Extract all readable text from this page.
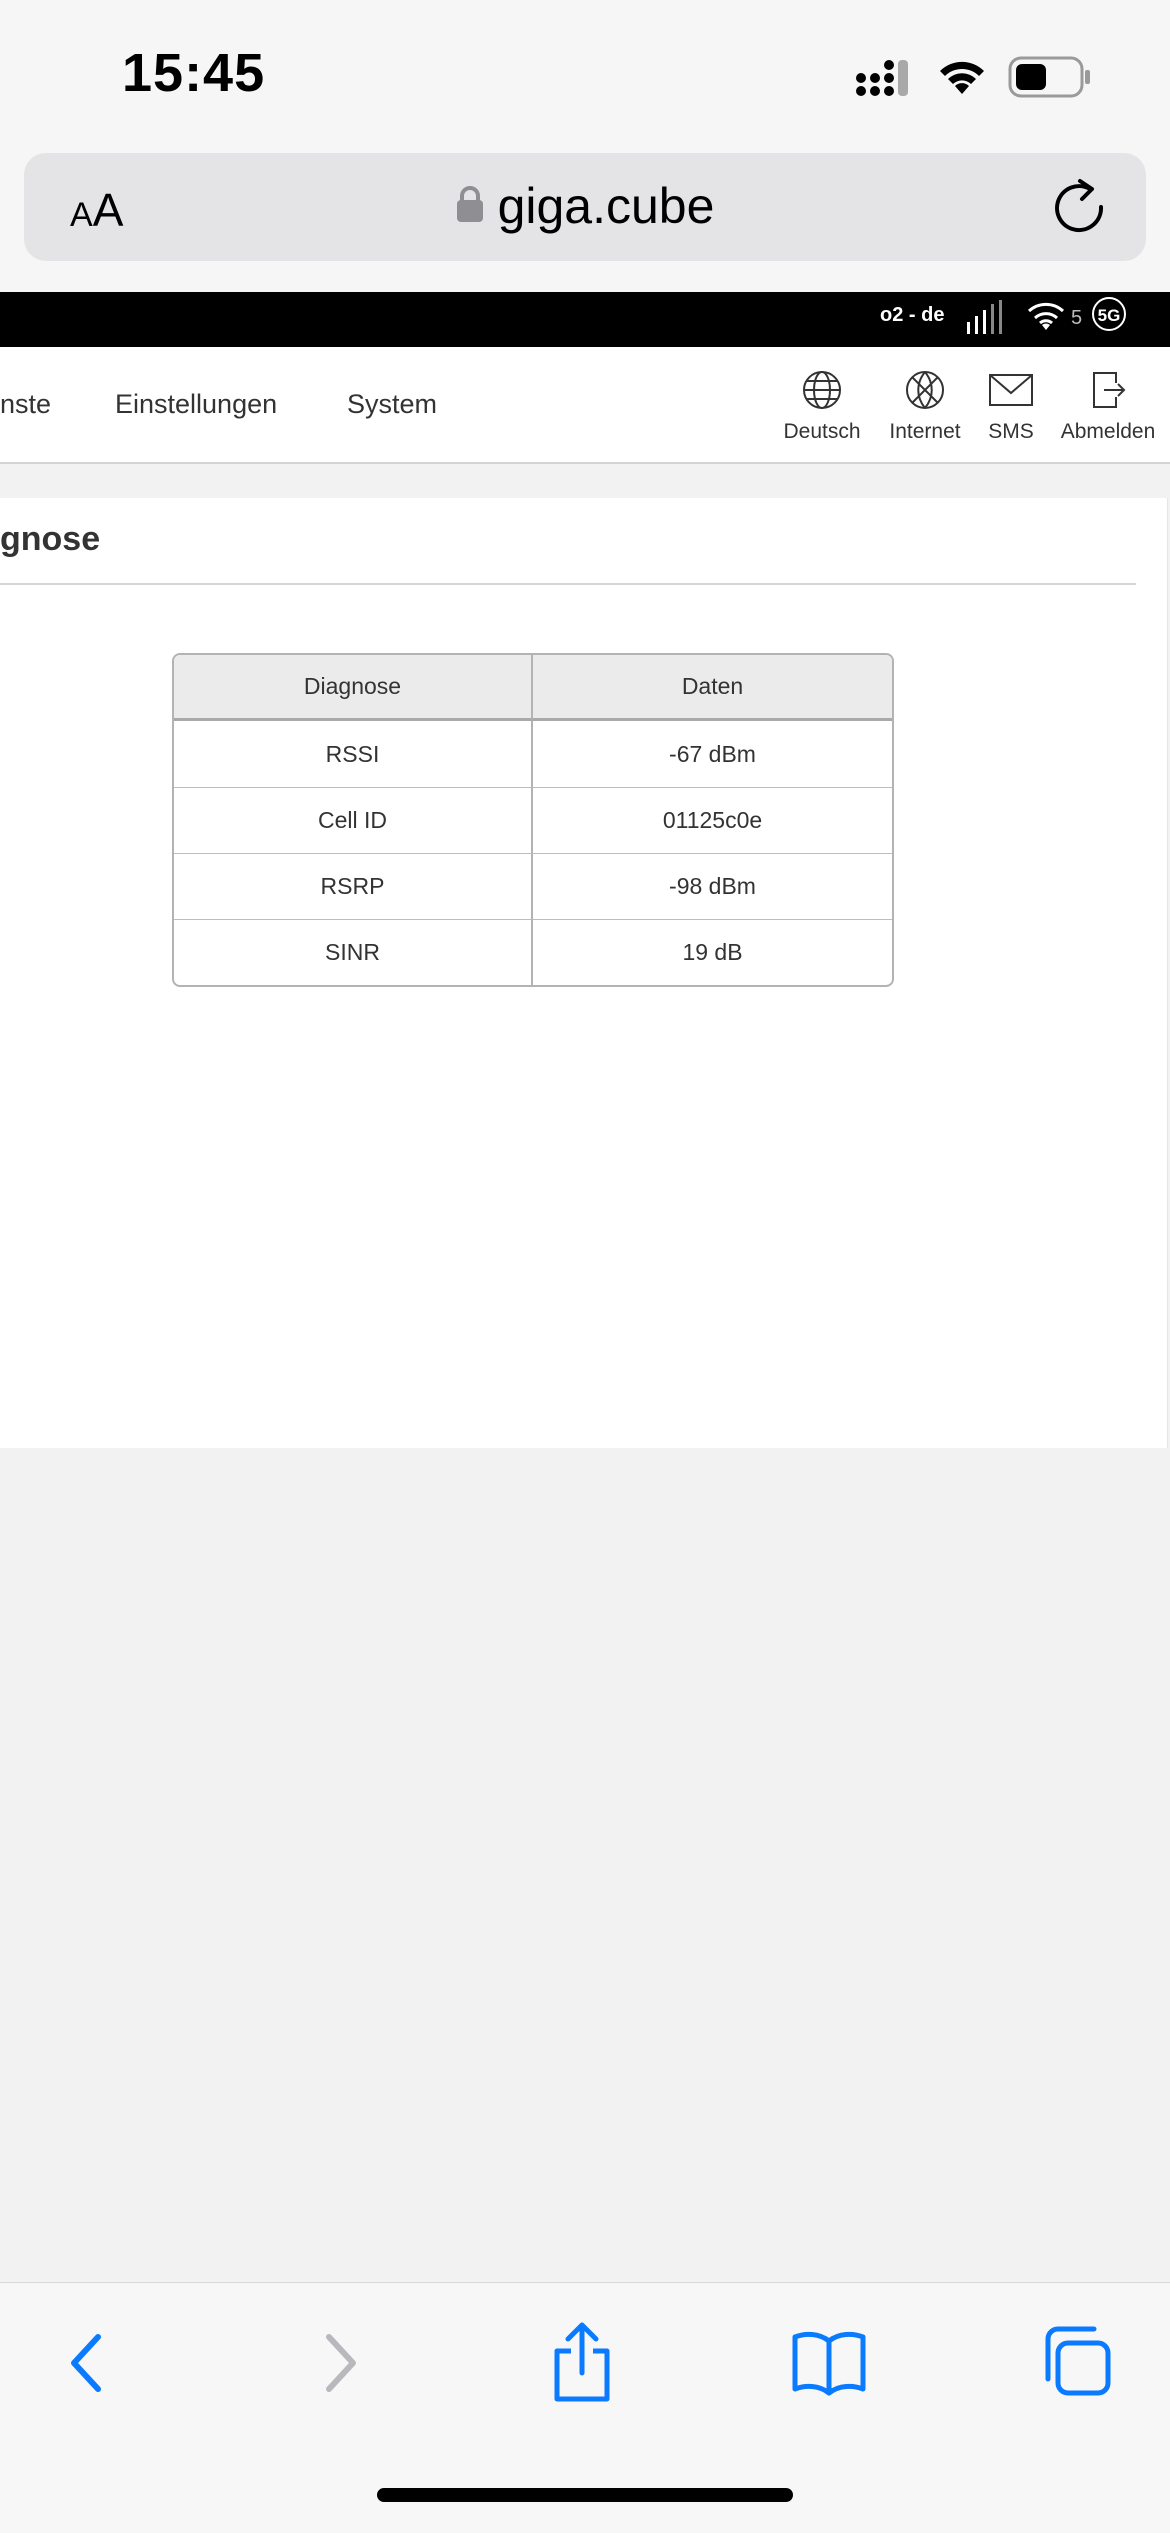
15:45
AA	giga.cube
o2 - de	5 5G
nste Einstellungen	System
Deutsch	Internet	SMS	Abmelden
gnose
Diagnose	Daten
RSSI	-67 dBm
Cell ID	01125c0e
RSRP	-98 dBm
SINR	19 dB
